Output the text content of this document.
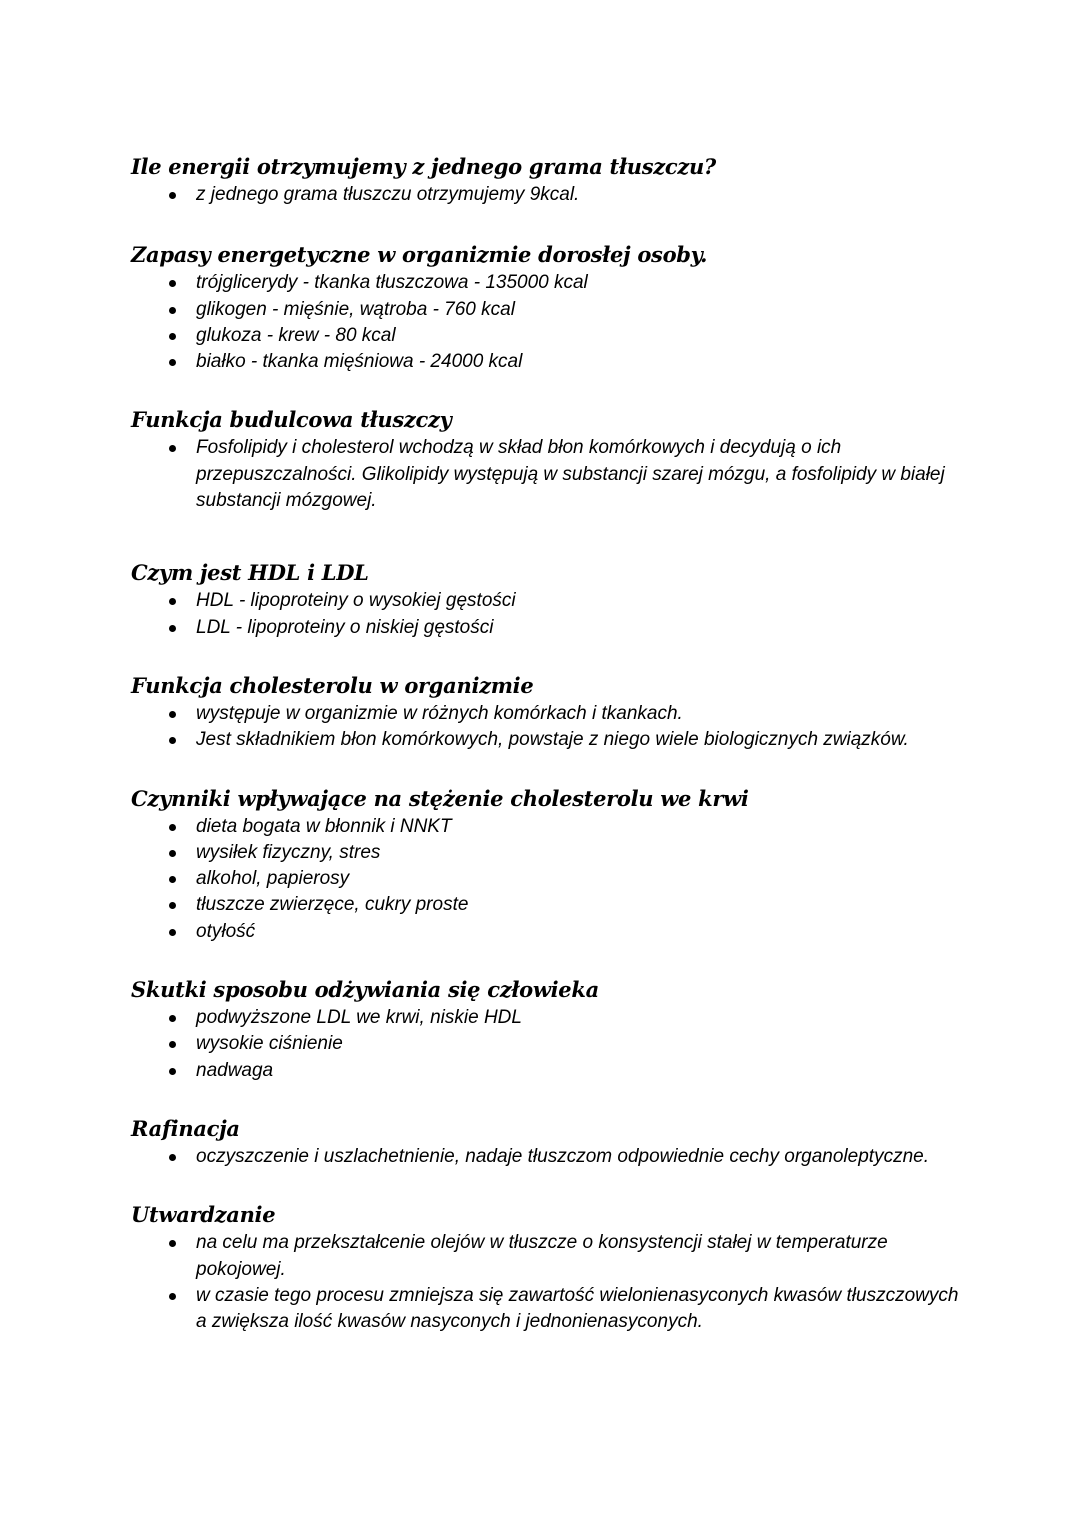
Ile energii otrzymujemy z jednego grama tłuszczu?
z jednego grama tłuszczu otrzymujemy 9kcal.
Zapasy energetyczne w organizmie dorosłej osoby.
trójglicerydy - tkanka tłuszczowa - 135000 kcal
glikogen - mięśnie, wątroba - 760 kcal
glukoza - krew - 80 kcal
białko - tkanka mięśniowa - 24000 kcal
Funkcja budulcowa tłuszczy
Fosfolipidy i cholesterol wchodzą w skład błon komórkowych i decydują o ich przepuszczalności. Glikolipidy występują w substancji szarej mózgu, a fosfolipidy w białej substancji mózgowej.
Czym jest HDL i LDL
HDL - lipoproteiny o wysokiej gęstości
LDL - lipoproteiny o niskiej gęstości
Funkcja cholesterolu w organizmie
występuje w organizmie w różnych komórkach i tkankach.
Jest składnikiem błon komórkowych, powstaje z niego wiele biologicznych związków.
Czynniki wpływające na stężenie cholesterolu we krwi
dieta bogata w błonnik i NNKT
wysiłek fizyczny, stres
alkohol, papierosy
tłuszcze zwierzęce, cukry proste
otyłość
Skutki sposobu odżywiania się człowieka
podwyższone LDL we krwi, niskie HDL
wysokie ciśnienie
nadwaga
Rafinacja
oczyszczenie i uszlachetnienie, nadaje tłuszczom odpowiednie cechy organoleptyczne.
Utwardzanie
na celu ma przekształcenie olejów w tłuszcze o konsystencji stałej w temperaturze pokojowej.
w czasie tego procesu zmniejsza się zawartość wielonienasyconych kwasów tłuszczowych a zwiększa ilość kwasów nasyconych i jednonienasyconych.
